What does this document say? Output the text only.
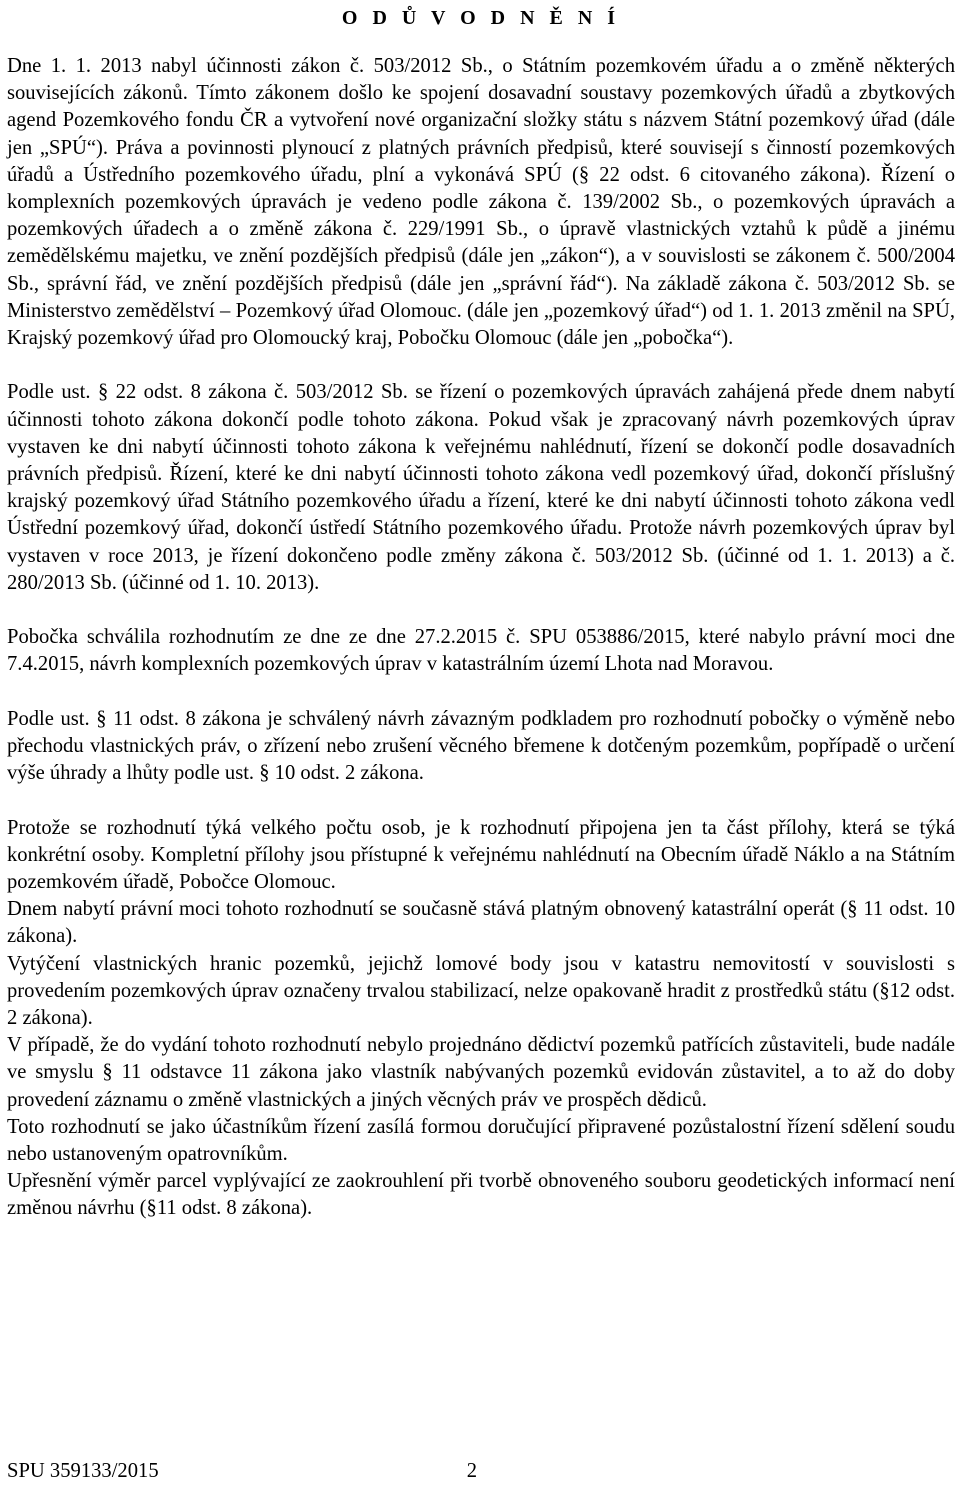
O D Ů V O D N Ě N Í

Dne 1. 1. 2013 nabyl účinnosti zákon č. 503/2012 Sb., o Státním pozemkovém úřadu a o změně některých souvisejících zákonů. Tímto zákonem došlo ke spojení dosavadní soustavy pozemkových úřadů a zbytkových agend Pozemkového fondu ČR a vytvoření nové organizační složky státu s názvem Státní pozemkový úřad (dále jen „SPÚ“). Práva a povinnosti plynoucí z platných právních předpisů, které souvisejí s činností pozemkových úřadů a Ústředního pozemkového úřadu, plní a vykonává SPÚ (§ 22 odst. 6 citovaného zákona). Řízení o komplexních pozemkových úpravách je vedeno podle zákona č. 139/2002 Sb., o pozemkových úpravách a pozemkových úřadech a o změně zákona č. 229/1991 Sb., o úpravě vlastnických vztahů k půdě a jinému zemědělskému majetku, ve znění pozdějších předpisů (dále jen „zákon“), a v souvislosti se zákonem č. 500/2004 Sb., správní řád, ve znění pozdějších předpisů (dále jen „správní řád“). Na základě zákona č. 503/2012 Sb. se Ministerstvo zemědělství – Pozemkový úřad Olomouc. (dále jen „pozemkový úřad“) od 1. 1. 2013 změnil na SPÚ, Krajský pozemkový úřad pro Olomoucký kraj, Pobočku Olomouc (dále jen „pobočka“).

Podle ust. § 22 odst. 8 zákona č. 503/2012 Sb. se řízení o pozemkových úpravách zahájená přede dnem nabytí účinnosti tohoto zákona dokončí podle tohoto zákona. Pokud však je zpracovaný návrh pozemkových úprav vystaven ke dni nabytí účinnosti tohoto zákona k veřejnému nahlédnutí, řízení se dokončí podle dosavadních právních předpisů. Řízení, které ke dni nabytí účinnosti tohoto zákona vedl pozemkový úřad, dokončí příslušný krajský pozemkový úřad Státního pozemkového úřadu a řízení, které ke dni nabytí účinnosti tohoto zákona vedl Ústřední pozemkový úřad, dokončí ústředí Státního pozemkového úřadu. Protože návrh pozemkových úprav byl vystaven v roce 2013, je řízení dokončeno podle změny zákona č. 503/2012 Sb. (účinné od 1. 1. 2013) a č. 280/2013 Sb. (účinné od 1. 10. 2013).

Pobočka schválila rozhodnutím ze dne ze dne 27.2.2015 č. SPU 053886/2015, které nabylo právní moci dne 7.4.2015, návrh komplexních pozemkových úprav v katastrálním území Lhota nad Moravou.

Podle ust. § 11 odst. 8 zákona je schválený návrh závazným podkladem pro rozhodnutí pobočky o výměně nebo přechodu vlastnických práv, o zřízení nebo zrušení věcného břemene k dotčeným pozemkům, popřípadě o určení výše úhrady a lhůty podle ust. § 10 odst. 2 zákona.

Protože se rozhodnutí týká velkého počtu osob, je k rozhodnutí připojena jen ta část přílohy, která se týká konkrétní osoby. Kompletní přílohy jsou přístupné k veřejnému nahlédnutí na Obecním úřadě Náklo a na Státním pozemkovém úřadě, Pobočce Olomouc.

Dnem nabytí právní moci tohoto rozhodnutí se současně stává platným obnovený katastrální operát (§ 11 odst. 10 zákona).

Vytýčení vlastnických hranic pozemků, jejichž lomové body jsou v katastru nemovitostí v souvislosti s provedením pozemkových úprav označeny trvalou stabilizací, nelze opakovaně hradit z prostředků státu (§12 odst. 2 zákona).

V případě, že do vydání tohoto rozhodnutí nebylo projednáno dědictví pozemků patřících zůstaviteli, bude nadále ve smyslu § 11 odstavce 11 zákona jako vlastník nabývaných pozemků evidován zůstavitel, a to až do doby provedení záznamu o změně vlastnických a jiných věcných práv ve prospěch dědiců.

Toto rozhodnutí se jako účastníkům řízení zasílá formou doručující připravené pozůstalostní řízení sdělení soudu nebo ustanoveným opatrovníkům.

Upřesnění výměr parcel vyplývající ze zaokrouhlení při tvorbě obnoveného souboru geodetických informací není změnou návrhu (§11 odst. 8 zákona).

SPU 359133/2015	2
